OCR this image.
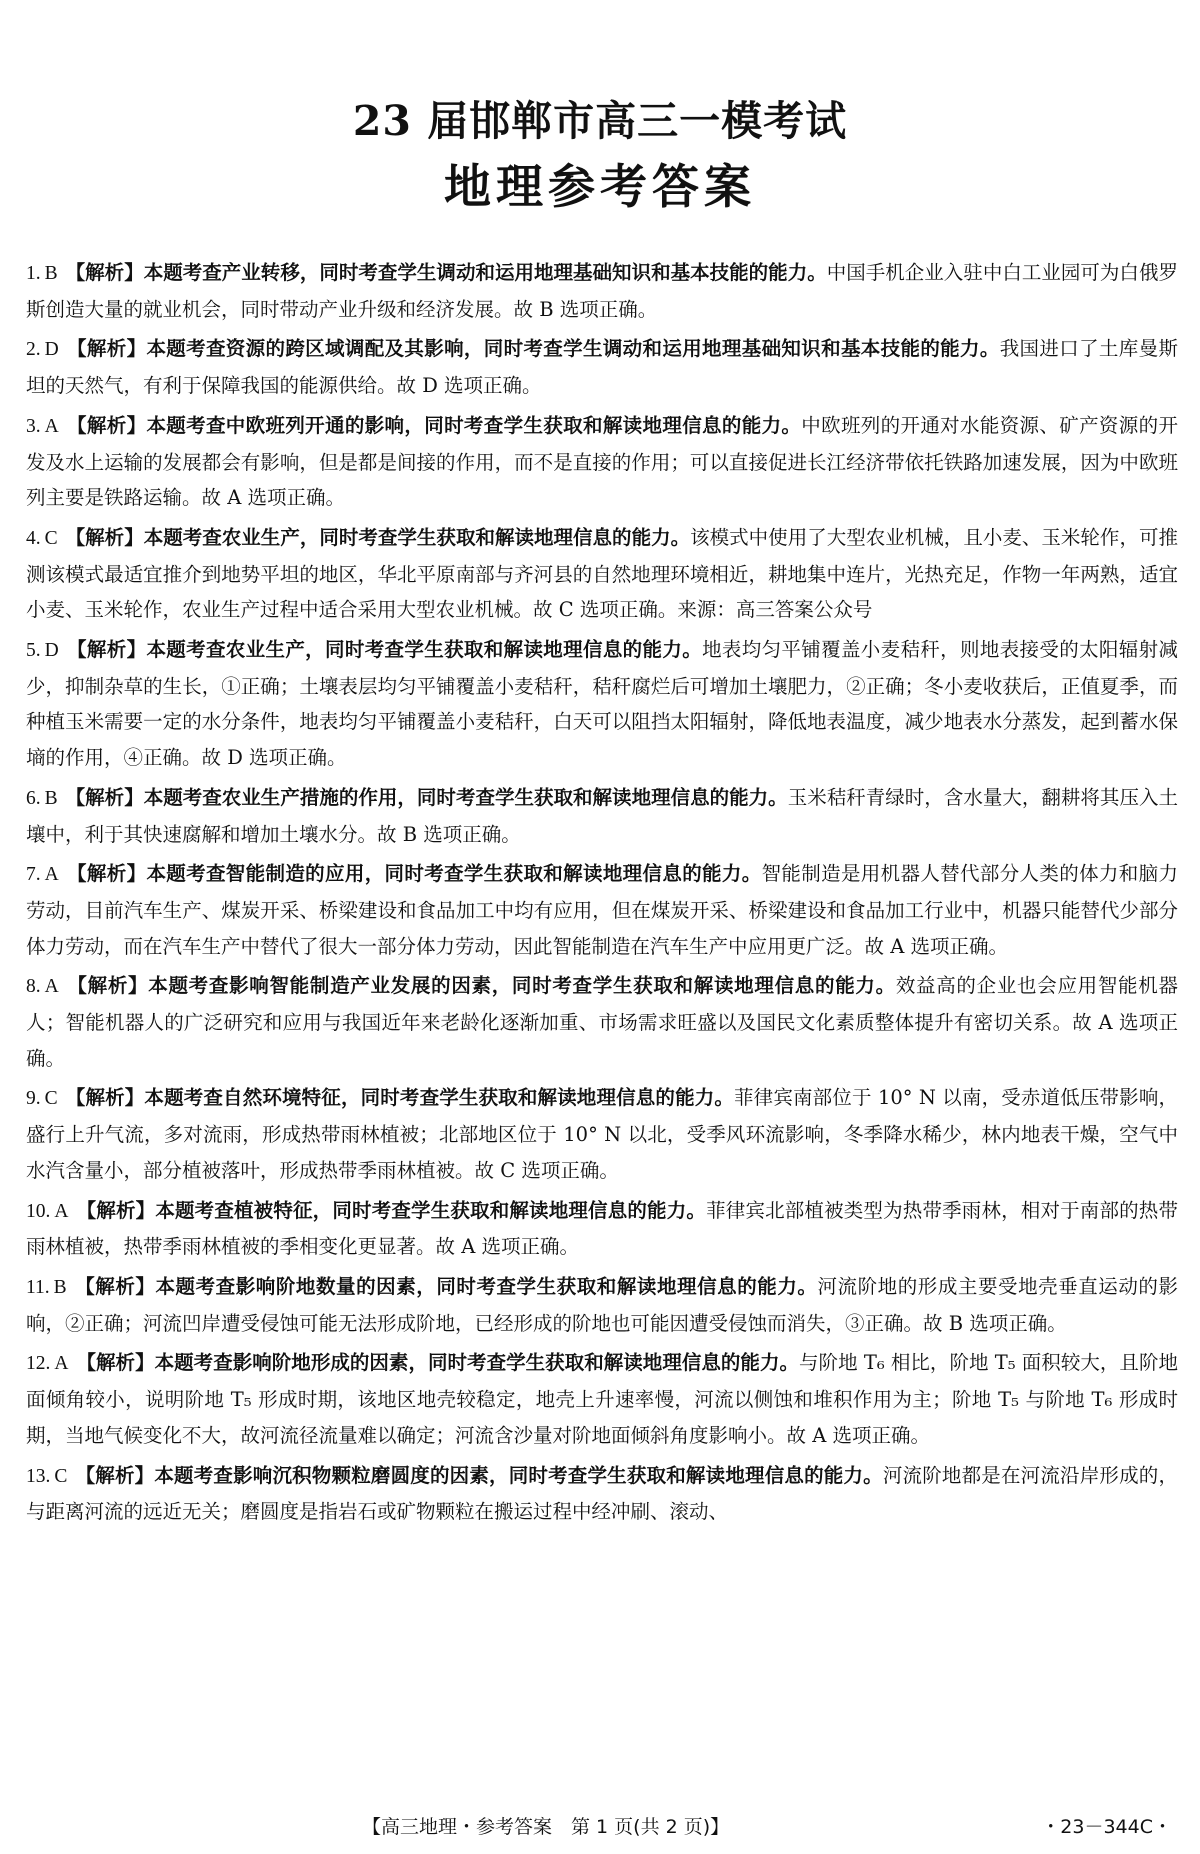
23 届邯郸市高三一模考试
地理参考答案

1. B 【解析】本题考查产业转移，同时考查学生调动和运用地理基础知识和基本技能的能力。中国手机企业入驻中白工业园可为白俄罗斯创造大量的就业机会，同时带动产业升级和经济发展。故 B 选项正确。

2. D 【解析】本题考查资源的跨区域调配及其影响，同时考查学生调动和运用地理基础知识和基本技能的能力。我国进口了土库曼斯坦的天然气，有利于保障我国的能源供给。故 D 选项正确。

3. A 【解析】本题考查中欧班列开通的影响，同时考查学生获取和解读地理信息的能力。中欧班列的开通对水能资源、矿产资源的开发及水上运输的发展都会有影响，但是都是间接的作用，而不是直接的作用；可以直接促进长江经济带依托铁路加速发展，因为中欧班列主要是铁路运输。故 A 选项正确。

4. C 【解析】本题考查农业生产，同时考查学生获取和解读地理信息的能力。该模式中使用了大型农业机械，且小麦、玉米轮作，可推测该模式最适宜推介到地势平坦的地区，华北平原南部与齐河县的自然地理环境相近，耕地集中连片，光热充足，作物一年两熟，适宜小麦、玉米轮作，农业生产过程中适合采用大型农业机械。故 C 选项正确。来源：高三答案公众号

5. D 【解析】本题考查农业生产，同时考查学生获取和解读地理信息的能力。地表均匀平铺覆盖小麦秸秆，则地表接受的太阳辐射减少，抑制杂草的生长，①正确；土壤表层均匀平铺覆盖小麦秸秆，秸秆腐烂后可增加土壤肥力，②正确；冬小麦收获后，正值夏季，而种植玉米需要一定的水分条件，地表均匀平铺覆盖小麦秸秆，白天可以阻挡太阳辐射，降低地表温度，减少地表水分蒸发，起到蓄水保墒的作用，④正确。故 D 选项正确。

6. B 【解析】本题考查农业生产措施的作用，同时考查学生获取和解读地理信息的能力。玉米秸秆青绿时，含水量大，翻耕将其压入土壤中，利于其快速腐解和增加土壤水分。故 B 选项正确。

7. A 【解析】本题考查智能制造的应用，同时考查学生获取和解读地理信息的能力。智能制造是用机器人替代部分人类的体力和脑力劳动，目前汽车生产、煤炭开采、桥梁建设和食品加工中均有应用，但在煤炭开采、桥梁建设和食品加工行业中，机器只能替代少部分体力劳动，而在汽车生产中替代了很大一部分体力劳动，因此智能制造在汽车生产中应用更广泛。故 A 选项正确。

8. A 【解析】本题考查影响智能制造产业发展的因素，同时考查学生获取和解读地理信息的能力。效益高的企业也会应用智能机器人；智能机器人的广泛研究和应用与我国近年来老龄化逐渐加重、市场需求旺盛以及国民文化素质整体提升有密切关系。故 A 选项正确。

9. C 【解析】本题考查自然环境特征，同时考查学生获取和解读地理信息的能力。菲律宾南部位于 10° N 以南，受赤道低压带影响，盛行上升气流，多对流雨，形成热带雨林植被；北部地区位于 10° N 以北，受季风环流影响，冬季降水稀少，林内地表干燥，空气中水汽含量小，部分植被落叶，形成热带季雨林植被。故 C 选项正确。

10. A 【解析】本题考查植被特征，同时考查学生获取和解读地理信息的能力。菲律宾北部植被类型为热带季雨林，相对于南部的热带雨林植被，热带季雨林植被的季相变化更显著。故 A 选项正确。

11. B 【解析】本题考查影响阶地数量的因素，同时考查学生获取和解读地理信息的能力。河流阶地的形成主要受地壳垂直运动的影响，②正确；河流凹岸遭受侵蚀可能无法形成阶地，已经形成的阶地也可能因遭受侵蚀而消失，③正确。故 B 选项正确。

12. A 【解析】本题考查影响阶地形成的因素，同时考查学生获取和解读地理信息的能力。与阶地 T₆ 相比，阶地 T₅ 面积较大，且阶地面倾角较小，说明阶地 T₅ 形成时期，该地区地壳较稳定，地壳上升速率慢，河流以侧蚀和堆积作用为主；阶地 T₅ 与阶地 T₆ 形成时期，当地气候变化不大，故河流径流量难以确定；河流含沙量对阶地面倾斜角度影响小。故 A 选项正确。

13. C 【解析】本题考查影响沉积物颗粒磨圆度的因素，同时考查学生获取和解读地理信息的能力。河流阶地都是在河流沿岸形成的，与距离河流的远近无关；磨圆度是指岩石或矿物颗粒在搬运过程中经冲刷、滚动、

【高三地理・参考答案　第 1 页(共 2 页)】	・23－344C・
